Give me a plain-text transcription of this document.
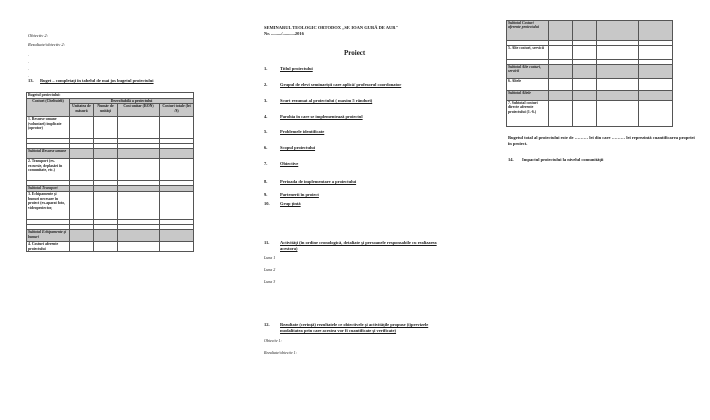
Obiectiv 2:
Rezultate/obiectiv 2:
.
.
.
.
13. Buget – completaţi în tabelul de mai jos bugetul proiectului
Bugetul proiectului:				
Costuri (Cheltuieli)	Dezvoltabilă a proiectului			
	Unitatea de măsură	Număr de unităţi	Cost unitar (RON)	Costuri totale (lei /$)
1. Resurse umane (voluntari) implicate (oprotor)				

Subtotal Resurse umane				
2. Transport (ex. excursie, deplasări în comunitate, etc.)				

Subtotal Transport				
3. Echipamente şi bunuri necesare în proiect (ex.aparat foto, videoproiector,				

Subtotal Echipamente şi bunuri				
4. Costuri aferente proiectului				
SEMINARUL TEOLOGIC ORTODOX „SF. IOAN GURĂ DE AUR"
Nr. ........./...........2016
Proiect
1.	Titlul proiectului
2.	Grupul de elevi seminariști care aplică/ profesorul coordonator
3.	Scurt rezumat al proiectului ( maxim 5 rânduri)
4.	Parohia în care se implementează proiectul
5.	Problemele identificate
6.	Scopul proiectului
7.	Obiective
8.	Perioada de implementare a proiectului
9.	Partenerii în proiect
10. Grup ţintă
11. Activităţi (în ordine cronologică, detaliate şi persoanele responsabile cu realizarea acestora)
Luna 1
Luna 2
Luna 3
12. Rezultate (cerinţă) rezultatele ce obiectivele şi activităţile propuse (i)previzele modalitatea prin care acestea vor fi cuantificate şi verificate)
Obiectiv 1:
Rezultate/obiectiv 1:
Subtotal Costuri aferente proiectului				

5. Alte costuri, servicii				

Subtotal Alte costuri, servicii				
6. Altele				
Subtotal Altele				
7. Subtotal costuri directe aferente proiectului (1.-6.)				
Bugetul total al proiectului este de ……… lei din care ……… lei reprezintă cuantificarea propriei în proiect.
14. Impactul proiectului la nivelul comunităţii
